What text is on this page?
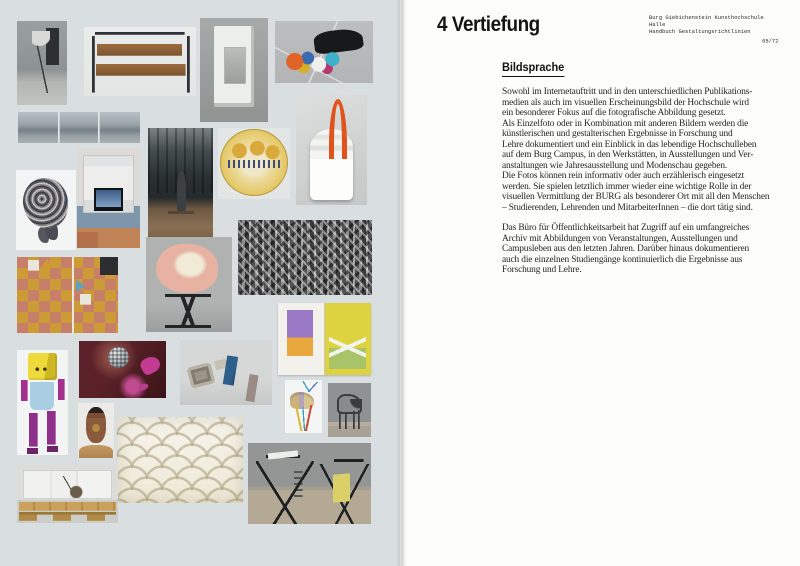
4 Vertiefung	Burg Giebichenstein Kunsthochschule Halle
Handbuch Gestaltungsrichtlinien
65/72
Bildsprache
Sowohl im Internetauftritt und in den unterschiedlichen Publikations-
medien als auch im visuellen Erscheinungsbild der Hochschule wird
ein besonderer Fokus auf die fotografische Abbildung gesetzt.
Als Einzelfoto oder in Kombination mit anderen Bildern werden die
künstlerischen und gestalterischen Ergebnisse in Forschung und
Lehre dokumentiert und ein Einblick in das lebendige Hochschulleben
auf dem Burg Campus, in den Werkstätten, in Ausstellungen und Ver-
anstaltungen wie Jahresausstellung und Modenschau gegeben.
Die Fotos können rein informativ oder auch erzählerisch eingesetzt
werden. Sie spielen letztlich immer wieder eine wichtige Rolle in der
visuellen Vermittlung der BURG als besonderer Ort mit all den Menschen
– Studierenden, Lehrenden und MitarbeiterInnen – die dort tätig sind.
Das Büro für Öffentlichkeitsarbeit hat Zugriff auf ein umfangreiches
Archiv mit Abbildungen von Veranstaltungen, Ausstellungen und
Campusleben aus den letzten Jahren. Darüber hinaus dokumentieren
auch die einzelnen Studiengänge kontinuierlich die Ergebnisse aus
Forschung und Lehre.
